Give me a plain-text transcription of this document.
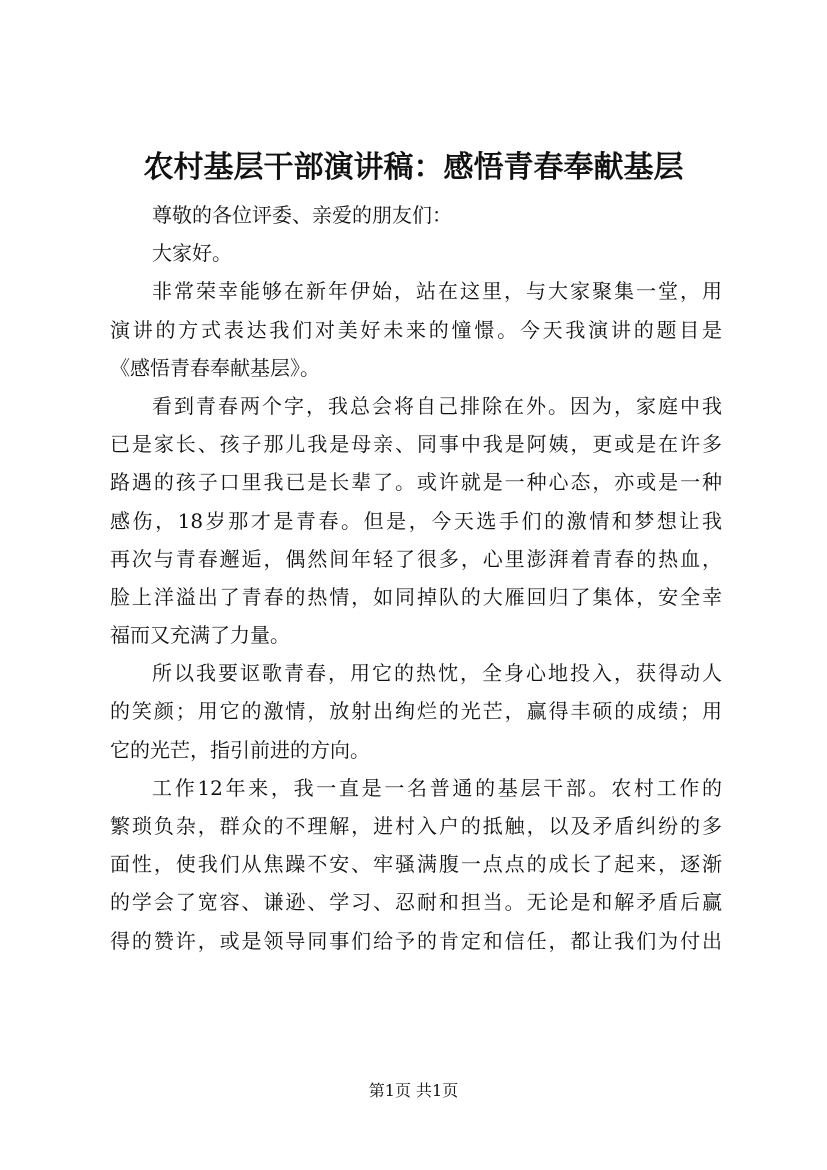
农村基层干部演讲稿：感悟青春奉献基层
尊敬的各位评委、亲爱的朋友们：
大家好。
非常荣幸能够在新年伊始，站在这里，与大家聚集一堂，用
演讲的方式表达我们对美好未来的憧憬。今天我演讲的题目是
《感悟青春奉献基层》。
看到青春两个字，我总会将自己排除在外。因为，家庭中我
已是家长、孩子那儿我是母亲、同事中我是阿姨，更或是在许多
路遇的孩子口里我已是长辈了。或许就是一种心态，亦或是一种
感伤，18岁那才是青春。但是，今天选手们的激情和梦想让我
再次与青春邂逅，偶然间年轻了很多，心里澎湃着青春的热血，
脸上洋溢出了青春的热情，如同掉队的大雁回归了集体，安全幸
福而又充满了力量。
所以我要讴歌青春，用它的热忱，全身心地投入，获得动人
的笑颜；用它的激情，放射出绚烂的光芒，赢得丰硕的成绩；用
它的光芒，指引前进的方向。
工作12年来，我一直是一名普通的基层干部。农村工作的
繁琐负杂，群众的不理解，进村入户的抵触，以及矛盾纠纷的多
面性，使我们从焦躁不安、牢骚满腹一点点的成长了起来，逐渐
的学会了宽容、谦逊、学习、忍耐和担当。无论是和解矛盾后赢
得的赞许，或是领导同事们给予的肯定和信任，都让我们为付出
第1页 共1页
